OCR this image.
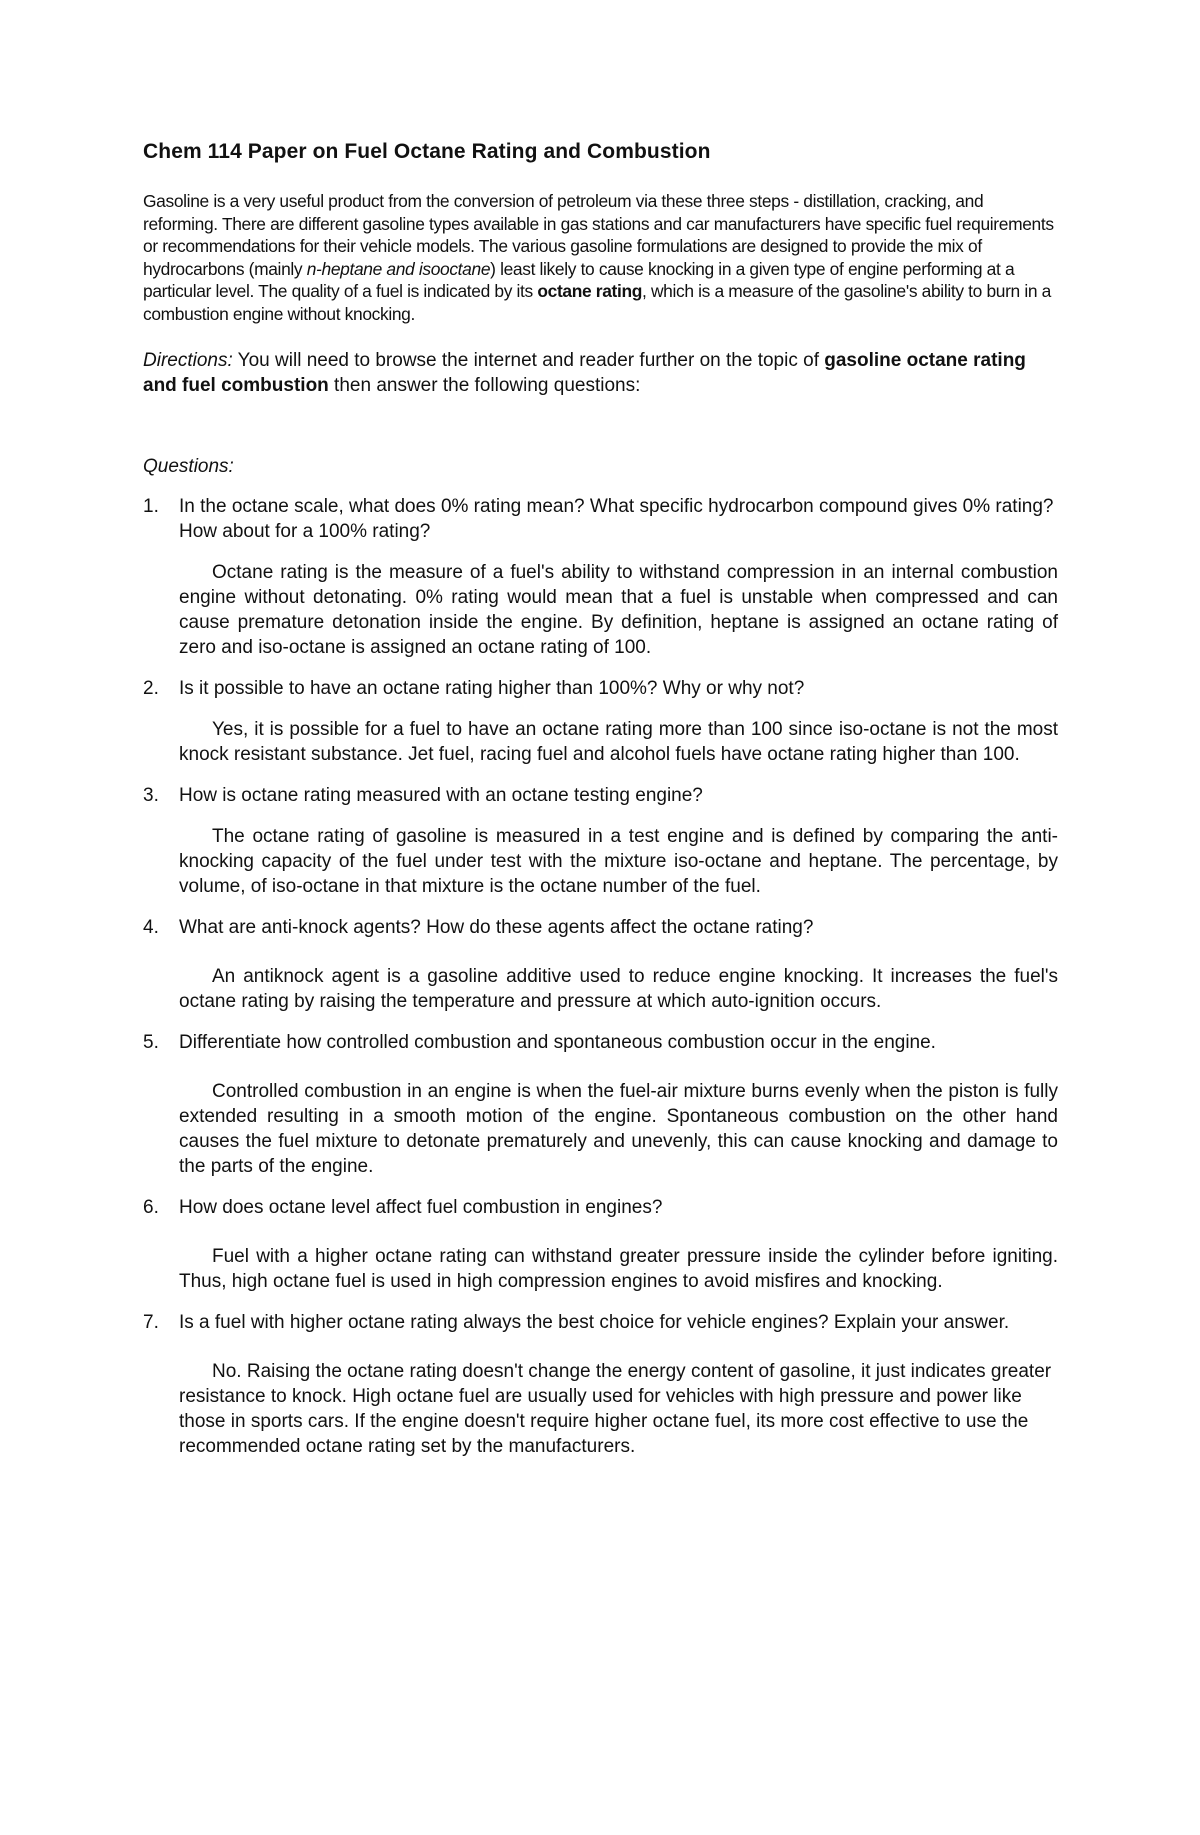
Chem 114 Paper on Fuel Octane Rating and Combustion

Gasoline is a very useful product from the conversion of petroleum via these three steps - distillation, cracking, and reforming. There are different gasoline types available in gas stations and car manufacturers have specific fuel requirements or recommendations for their vehicle models. The various gasoline formulations are designed to provide the mix of hydrocarbons (mainly n-heptane and isooctane) least likely to cause knocking in a given type of engine performing at a particular level. The quality of a fuel is indicated by its octane rating, which is a measure of the gasoline's ability to burn in a combustion engine without knocking.

Directions: You will need to browse the internet and reader further on the topic of gasoline octane rating and fuel combustion then answer the following questions:

Questions:

1.	In the octane scale, what does 0% rating mean? What specific hydrocarbon compound gives 0% rating? How about for a 100% rating?

Octane rating is the measure of a fuel's ability to withstand compression in an internal combustion engine without detonating. 0% rating would mean that a fuel is unstable when compressed and can cause premature detonation inside the engine. By definition, heptane is assigned an octane rating of zero and iso-octane is assigned an octane rating of 100.

2.	Is it possible to have an octane rating higher than 100%? Why or why not?

Yes, it is possible for a fuel to have an octane rating more than 100 since iso-octane is not the most knock resistant substance. Jet fuel, racing fuel and alcohol fuels have octane rating higher than 100.

3.	How is octane rating measured with an octane testing engine?

The octane rating of gasoline is measured in a test engine and is defined by comparing the anti-knocking capacity of the fuel under test with the mixture iso-octane and heptane. The percentage, by volume, of iso-octane in that mixture is the octane number of the fuel.

4.	What are anti-knock agents? How do these agents affect the octane rating?

An antiknock agent is a gasoline additive used to reduce engine knocking. It increases the fuel's octane rating by raising the temperature and pressure at which auto-ignition occurs.

5.	Differentiate how controlled combustion and spontaneous combustion occur in the engine.

Controlled combustion in an engine is when the fuel-air mixture burns evenly when the piston is fully extended resulting in a smooth motion of the engine. Spontaneous combustion on the other hand causes the fuel mixture to detonate prematurely and unevenly, this can cause knocking and damage to the parts of the engine.

6.	How does octane level affect fuel combustion in engines?

Fuel with a higher octane rating can withstand greater pressure inside the cylinder before igniting. Thus, high octane fuel is used in high compression engines to avoid misfires and knocking.

7.	Is a fuel with higher octane rating always the best choice for vehicle engines? Explain your answer.

No. Raising the octane rating doesn't change the energy content of gasoline, it just indicates greater resistance to knock. High octane fuel are usually used for vehicles with high pressure and power like those in sports cars. If the engine doesn't require higher octane fuel, its more cost effective to use the recommended octane rating set by the manufacturers.
